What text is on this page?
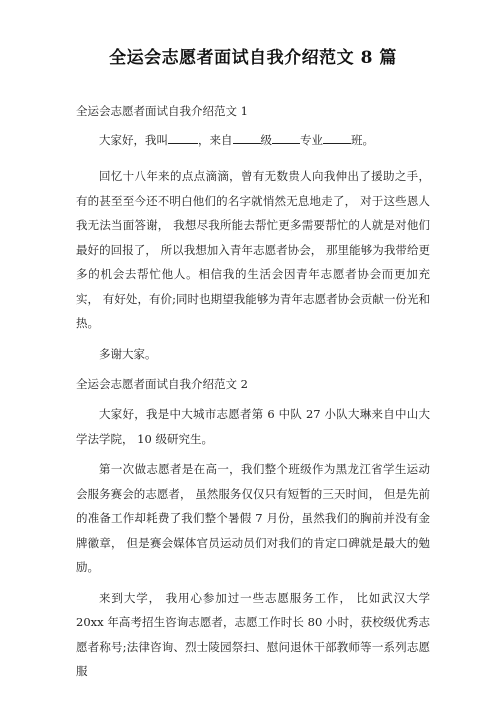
全运会志愿者面试自我介绍范文 8 篇

全运会志愿者面试自我介绍范文 1

大家好，我叫	，来自 级 专业 班。

回忆十八年来的点点滴滴，曾有无数贵人向我伸出了援助之手，有的甚至至今还不明白他们的名字就悄然无息地走了， 对于这些恩人我无法当面答谢， 我想尽我所能去帮忙更多需要帮忙的人就是对他们最好的回报了， 所以我想加入青年志愿者协会， 那里能够为我带给更多的机会去帮忙他人。相信我的生活会因青年志愿者协会而更加充实， 有好处，有价;同时也期望我能够为青年志愿者协会贡献一份光和热。

多谢大家。

全运会志愿者面试自我介绍范文 2

大家好，我是中大城市志愿者第 6 中队 27 小队大琳来自中山大学法学院， 10 级研究生。

第一次做志愿者是在高一，我们整个班级作为黑龙江省学生运动会服务赛会的志愿者， 虽然服务仅仅只有短暂的三天时间， 但是先前的准备工作却耗费了我们整个暑假 7 月份，虽然我们的胸前并没有金牌徽章， 但是赛会媒体官员运动员们对我们的肯定口碑就是最大的勉励。

来到大学， 我用心参加过一些志愿服务工作， 比如武汉大学 20xx 年高考招生咨询志愿者，志愿工作时长 80 小时，获校级优秀志愿者称号;法律咨询、烈士陵园祭扫、慰问退休干部教师等一系列志愿服
